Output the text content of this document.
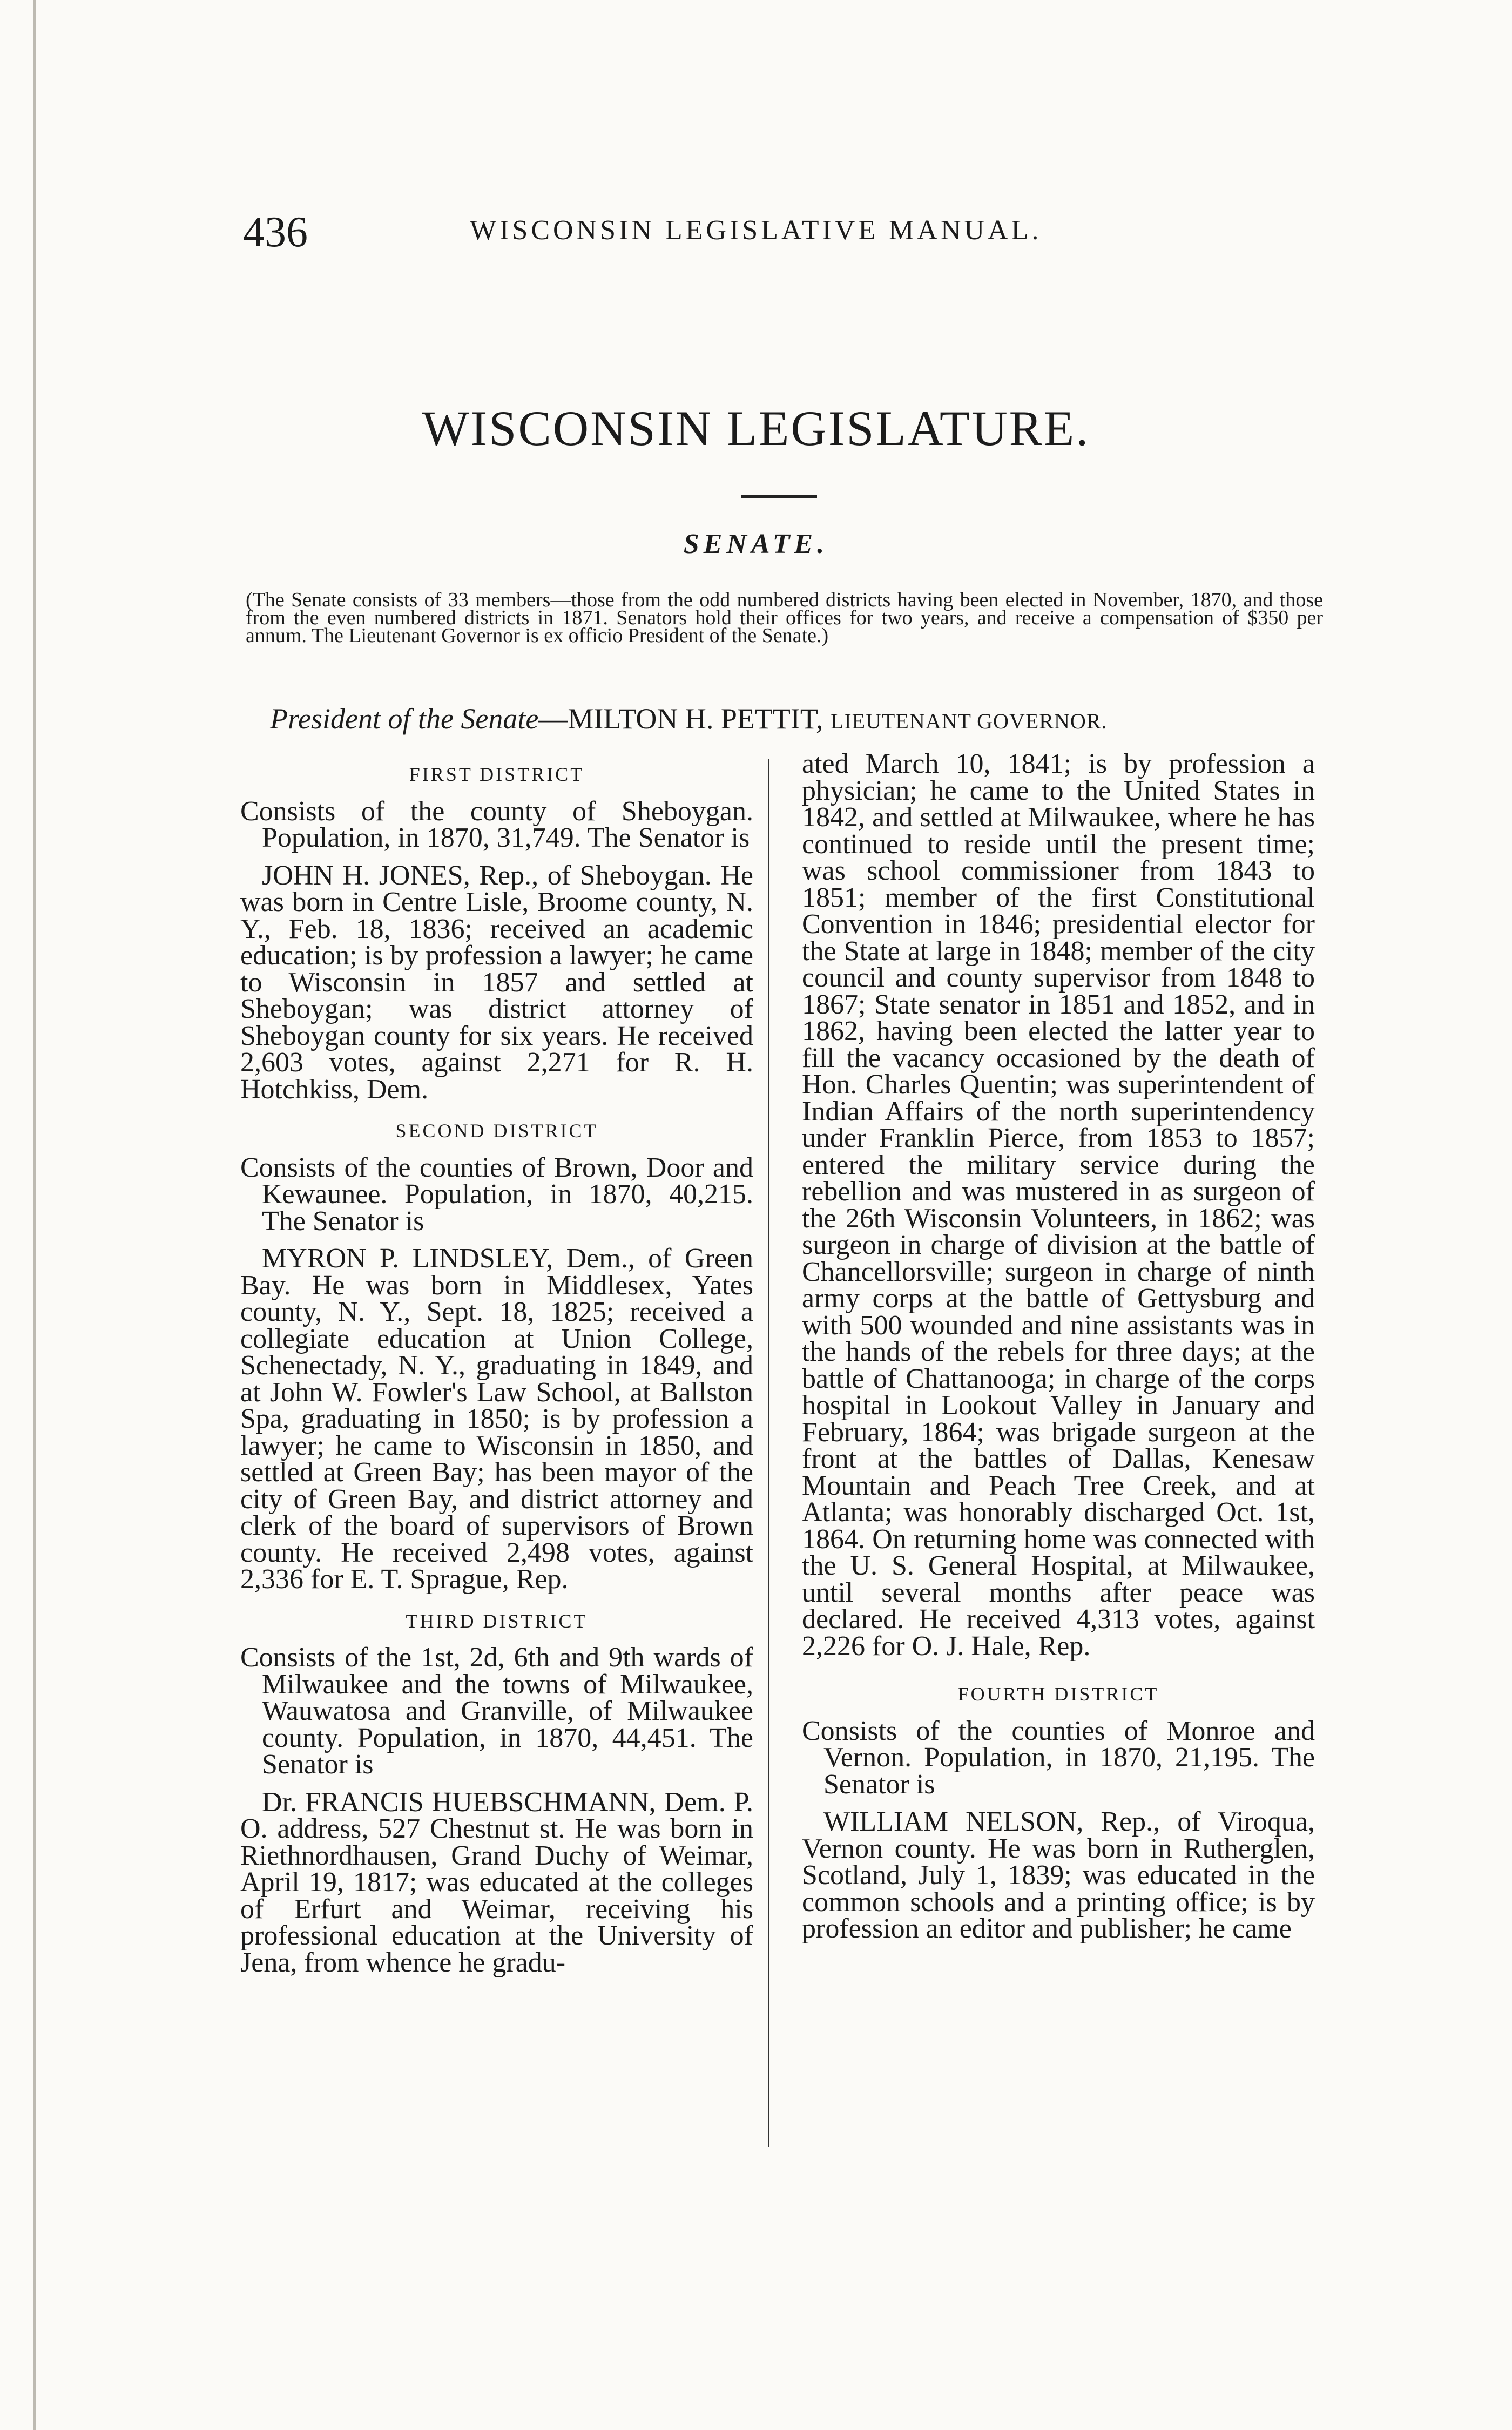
436	WISCONSIN LEGISLATIVE MANUAL.
WISCONSIN LEGISLATURE.
SENATE.
(The Senate consists of 33 members—those from the odd numbered districts having been elected in November, 1870, and those from the even numbered districts in 1871. Senators hold their offices for two years, and receive a compensation of $350 per annum. The Lieutenant Governor is ex officio President of the Senate.)
President of the Senate—MILTON H. PETTIT, LIEUTENANT GOVERNOR.
FIRST DISTRICT

Consists of the county of Sheboygan. Population, in 1870, 31,749. The Senator is

JOHN H. JONES, Rep., of Sheboygan. He was born in Centre Lisle, Broome county, N. Y., Feb. 18, 1836; received an academic education; is by profession a lawyer; he came to Wisconsin in 1857 and settled at Sheboygan; was district attorney of Sheboygan county for six years. He received 2,603 votes, against 2,271 for R. H. Hotchkiss, Dem.

SECOND DISTRICT

Consists of the counties of Brown, Door and Kewaunee. Population, in 1870, 40,215. The Senator is

MYRON P. LINDSLEY, Dem., of Green Bay. He was born in Middlesex, Yates county, N. Y., Sept. 18, 1825; received a collegiate education at Union College, Schenectady, N. Y., graduating in 1849, and at John W. Fowler's Law School, at Ballston Spa, graduating in 1850; is by profession a lawyer; he came to Wisconsin in 1850, and settled at Green Bay; has been mayor of the city of Green Bay, and district attorney and clerk of the board of supervisors of Brown county. He received 2,498 votes, against 2,336 for E. T. Sprague, Rep.

THIRD DISTRICT

Consists of the 1st, 2d, 6th and 9th wards of Milwaukee and the towns of Milwaukee, Wauwatosa and Granville, of Milwaukee county. Population, in 1870, 44,451. The Senator is

Dr. FRANCIS HUEBSCHMANN, Dem. P. O. address, 527 Chestnut st. He was born in Riethnordhausen, Grand Duchy of Weimar, April 19, 1817; was educated at the colleges of Erfurt and Weimar, receiving his professional education at the University of Jena, from whence he gradu-

ated March 10, 1841; is by profession a physician; he came to the United States in 1842, and settled at Milwaukee, where he has continued to reside until the present time; was school commissioner from 1843 to 1851; member of the first Constitutional Convention in 1846; presidential elector for the State at large in 1848; member of the city council and county supervisor from 1848 to 1867; State senator in 1851 and 1852, and in 1862, having been elected the latter year to fill the vacancy occasioned by the death of Hon. Charles Quentin; was superintendent of Indian Affairs of the north superintendency under Franklin Pierce, from 1853 to 1857; entered the military service during the rebellion and was mustered in as surgeon of the 26th Wisconsin Volunteers, in 1862; was surgeon in charge of division at the battle of Chancellorsville; surgeon in charge of ninth army corps at the battle of Gettysburg and with 500 wounded and nine assistants was in the hands of the rebels for three days; at the battle of Chattanooga; in charge of the corps hospital in Lookout Valley in January and February, 1864; was brigade surgeon at the front at the battles of Dallas, Kenesaw Mountain and Peach Tree Creek, and at Atlanta; was honorably discharged Oct. 1st, 1864. On returning home was connected with the U. S. General Hospital, at Milwaukee, until several months after peace was declared. He received 4,313 votes, against 2,226 for O. J. Hale, Rep.

FOURTH DISTRICT

Consists of the counties of Monroe and Vernon. Population, in 1870, 21,195. The Senator is

WILLIAM NELSON, Rep., of Viroqua, Vernon county. He was born in Rutherglen, Scotland, July 1, 1839; was educated in the common schools and a printing office; is by profession an editor and publisher; he came
